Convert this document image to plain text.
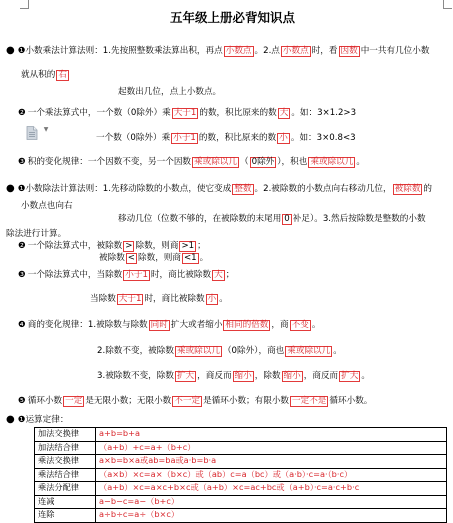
五年级上册必背知识点
● ❶小数乘法计算法则：1.先按照整数乘法算出积，再点 小数点 。2.点 小数点 时，看 因数 中一共有几位小数
就从积的 右
起数出几位，点上小数点。
❷ 一个乘法算式中，一个数（0除外）乘 大于1 的数，积比原来的数 大 。如：3×1.2>3
▼
一个数（0除外）乘 小于1 的数，积比原来的数 小 。如：3×0.8<3
❸ 积的变化规律：一个因数不变，另一个因数 乘或除以几 （ 0除外 ），积也 乘或除以几 。
● ❶小数除法计算法则：1.先移动除数的小数点，使它变成 整数 。2.被除数的小数点向右移动几位， 被除数 的
小数点也向右
移动几位（位数不够的，在被除数的末尾用 0 补足）。3.然后按除数是整数的小数
除法进行计算。
❷ 一个除法算式中，被除数 > 除数，则商 >1 ；
被除数 < 除数，则商 <1 。
❸ 一个除法算式中，当除数 小于1 时，商比被除数 大 ；
当除数 大于1 时，商比被除数 小 。
❹ 商的变化规律：1.被除数与除数 同时 扩大或者缩小 相同的倍数 ，商 不变 。
2.除数不变，被除数 乘或除以几 （0除外），商也 乘或除以几 。
3.被除数不变，除数 扩大 ，商反而 缩小 ，除数 缩小 ，商反而 扩大 。
❺ 循环小数 一定 是无限小数；无限小数 不一定 是循环小数；有限小数 一定不是 循环小数。
● ❶运算定律：
加法交换律	a+b=b+a
加法结合律	（a+b）+c=a+（b+c）
乘法交换律	a×b=b×a或ab=ba或a·b=b·a
乘法结合律	（a×b）×c=a×（b×c）或（ab）c=a（bc）或（a·b）·c=a·（b·c）
乘法分配律	（a+b）×c=a×c+b×c或（a+b）×c=ac+bc或（a+b）·c=a·c+b·c
连减	a−b−c=a−（b+c）
连除	a÷b÷c=a÷（b×c）
